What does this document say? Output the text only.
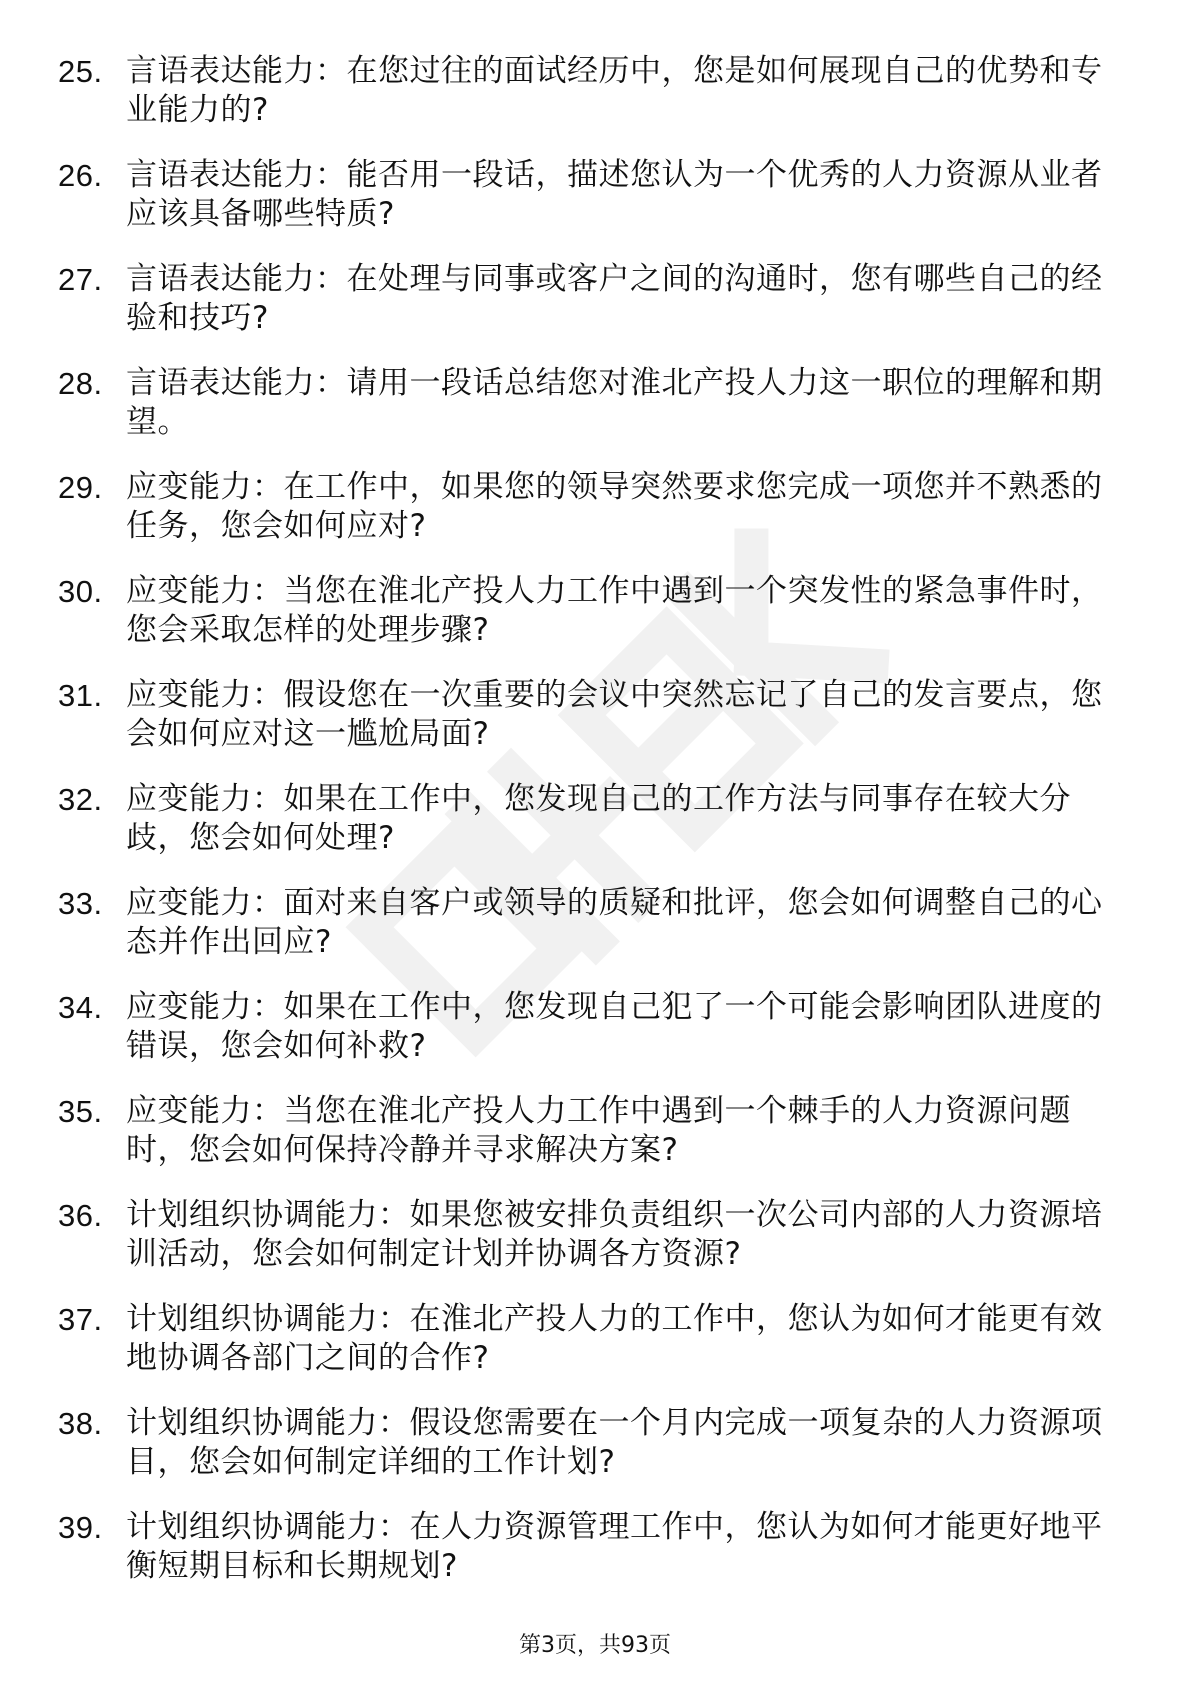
25. 言语表达能力：在您过往的面试经历中，您是如何展现自己的优势和专业能力的?
26. 言语表达能力：能否用一段话，描述您认为一个优秀的人力资源从业者应该具备哪些特质?
27. 言语表达能力：在处理与同事或客户之间的沟通时，您有哪些自己的经验和技巧?
28. 言语表达能力：请用一段话总结您对淮北产投人力这一职位的理解和期望。
29. 应变能力：在工作中，如果您的领导突然要求您完成一项您并不熟悉的任务，您会如何应对?
30. 应变能力：当您在淮北产投人力工作中遇到一个突发性的紧急事件时，您会采取怎样的处理步骤?
31. 应变能力：假设您在一次重要的会议中突然忘记了自己的发言要点，您会如何应对这一尴尬局面?
32. 应变能力：如果在工作中，您发现自己的工作方法与同事存在较大分歧，您会如何处理?
33. 应变能力：面对来自客户或领导的质疑和批评，您会如何调整自己的心态并作出回应?
34. 应变能力：如果在工作中，您发现自己犯了一个可能会影响团队进度的错误，您会如何补救?
35. 应变能力：当您在淮北产投人力工作中遇到一个棘手的人力资源问题时，您会如何保持冷静并寻求解决方案?
36. 计划组织协调能力：如果您被安排负责组织一次公司内部的人力资源培训活动，您会如何制定计划并协调各方资源?
37. 计划组织协调能力：在淮北产投人力的工作中，您认为如何才能更有效地协调各部门之间的合作?
38. 计划组织协调能力：假设您需要在一个月内完成一项复杂的人力资源项目，您会如何制定详细的工作计划?
39. 计划组织协调能力：在人力资源管理工作中，您认为如何才能更好地平衡短期目标和长期规划?
第3页，共93页
